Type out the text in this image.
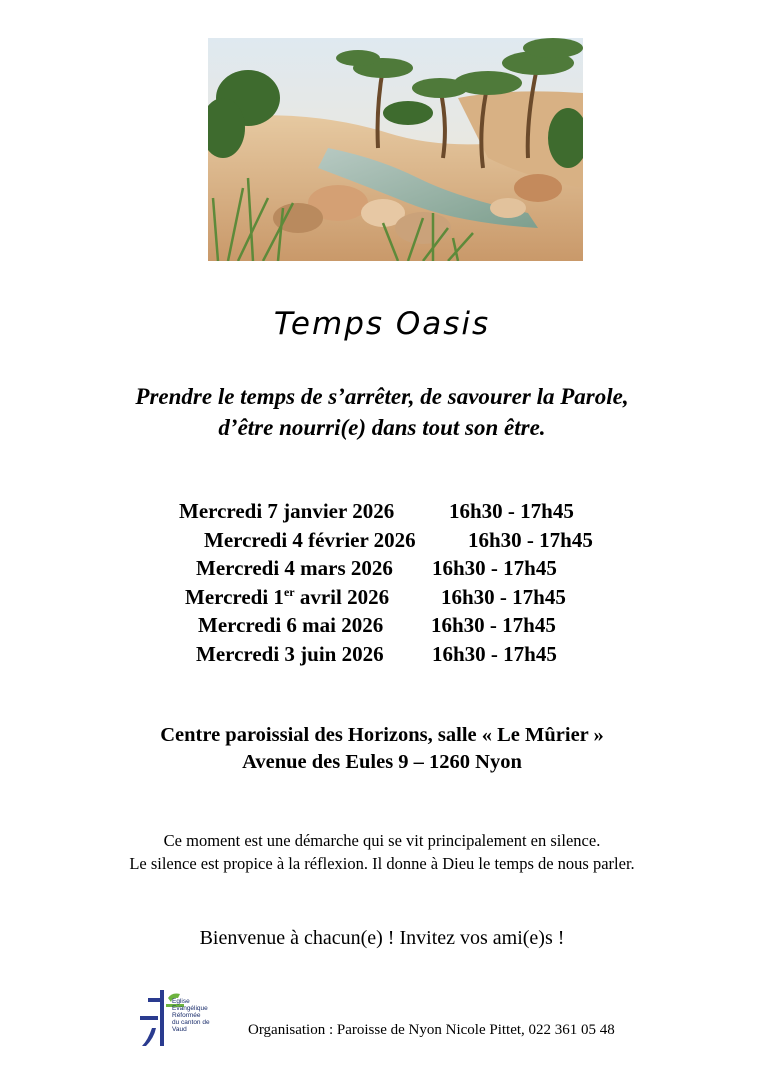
Temps Oasis
Prendre le temps de s’arrêter, de savourer la Parole,
d’être nourri(e) dans tout son être.
Mercredi 7 janvier 2026	16h30 - 17h45
Mercredi 4 février 2026 16h30 - 17h45
Mercredi 4 mars 2026 16h30 - 17h45
Mercredi 1er avril 2026 16h30 - 17h45
Mercredi 6 mai 2026 16h30 - 17h45
Mercredi 3 juin 2026 16h30 - 17h45
Centre paroissial des Horizons, salle « Le Mûrier »
Avenue des Eules 9 – 1260 Nyon
Ce moment est une démarche qui se vit principalement en silence.
Le silence est propice à la réflexion. Il donne à Dieu le temps de nous parler.
Bienvenue à chacun(e) ! Invitez vos ami(e)s !
Eglise
Evangélique
Réformée
du canton de
Vaud	Organisation : Paroisse de Nyon Nicole Pittet, 022 361 05 48
